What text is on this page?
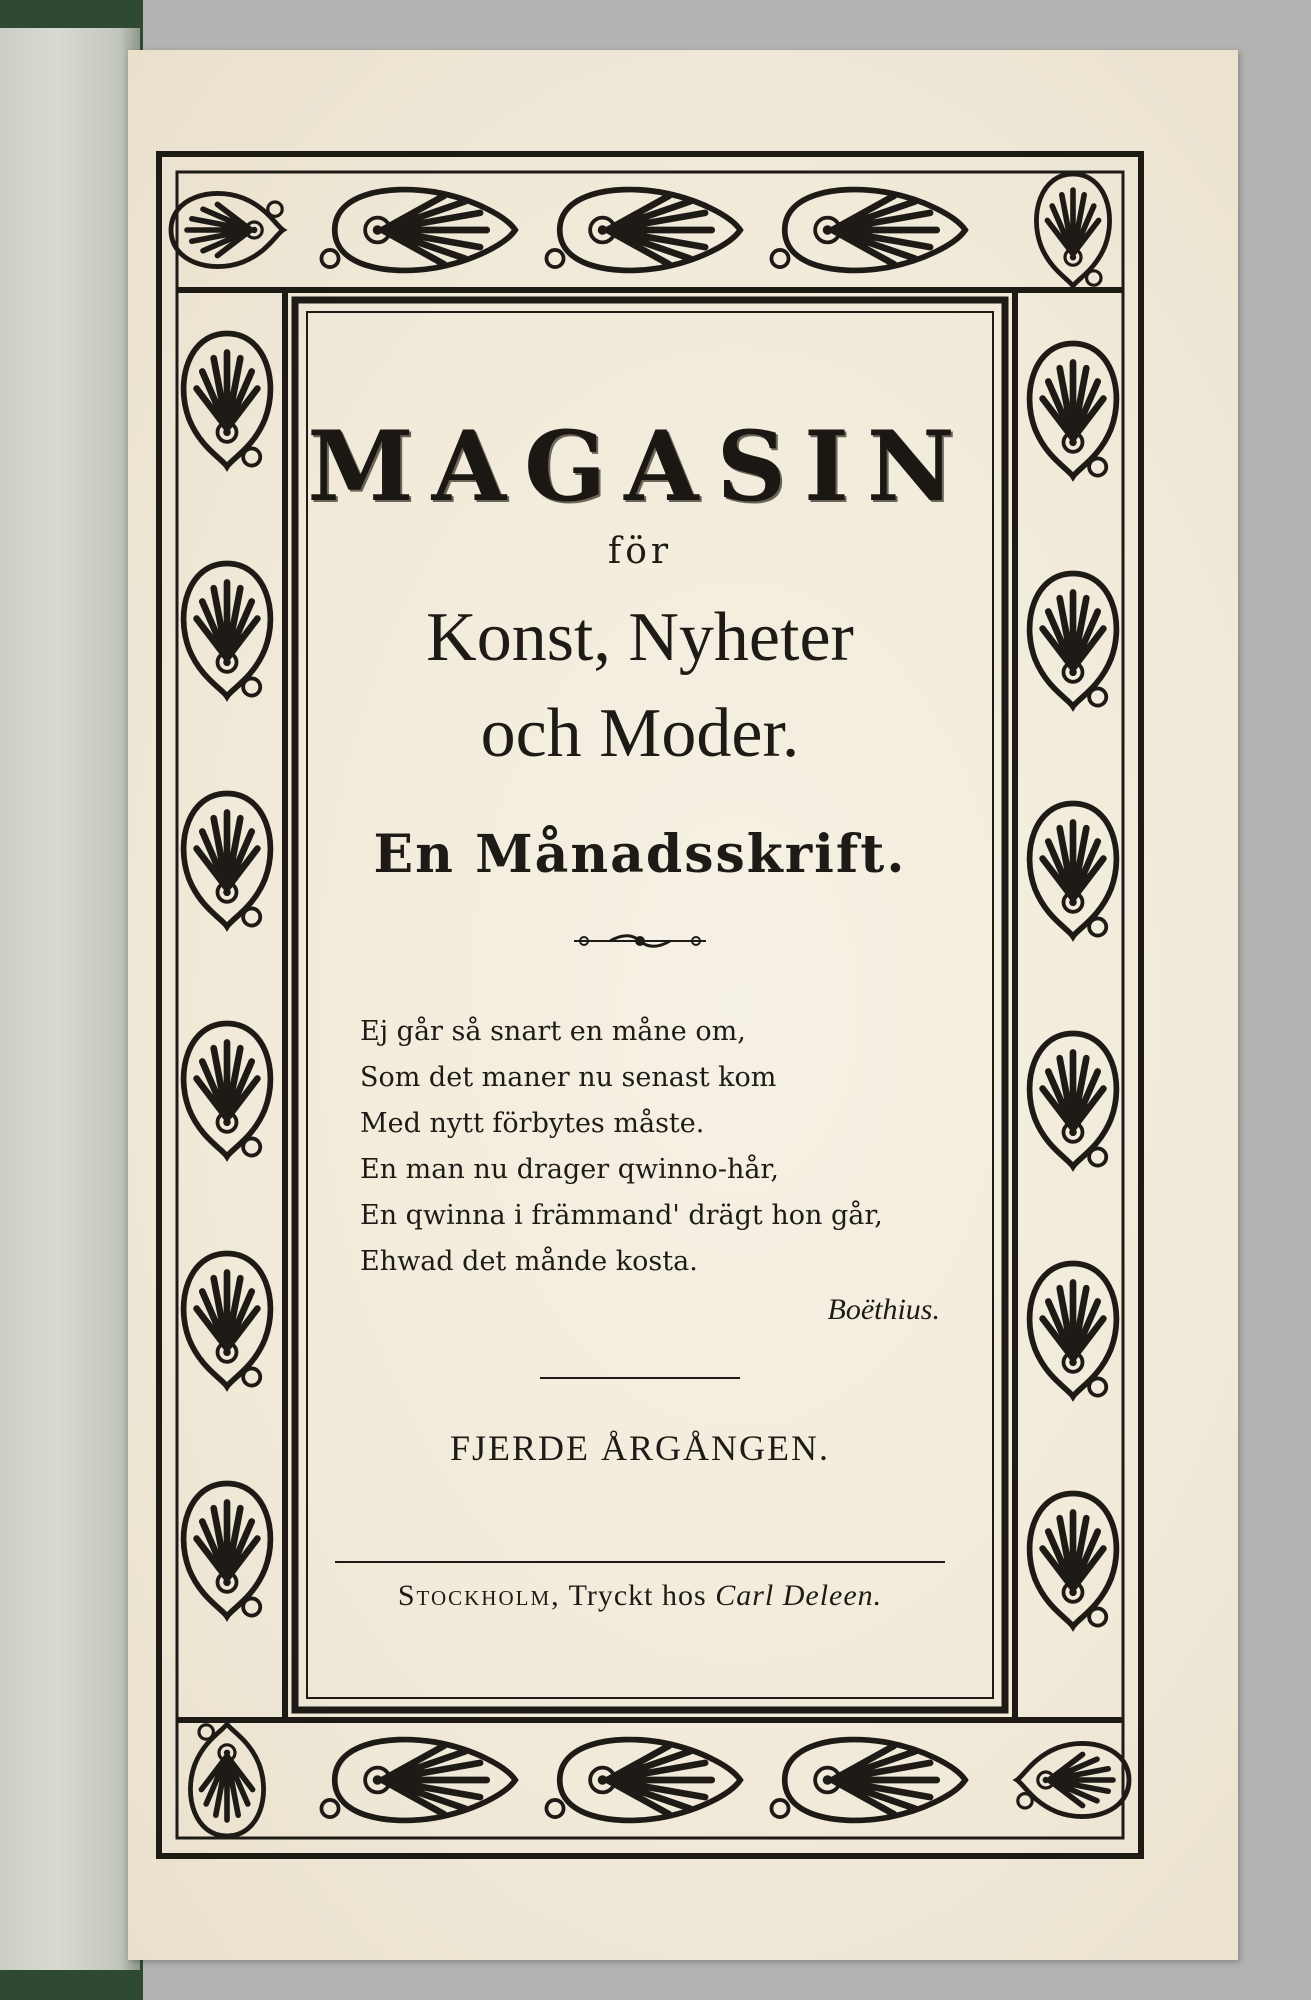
MAGASIN
för
Konst, Nyheter
och Moder.
En Månadsskrift.
Ej går så snart en måne om,
Som det maner nu senast kom
Med nytt förbytes måste.
En man nu drager qwinno-hår,
En qwinna i främmand' drägt hon går,
Ehwad det månde kosta.
Boëthius.
FJERDE ÅRGÅNGEN.
Stockholm, Tryckt hos Carl Deleen.
